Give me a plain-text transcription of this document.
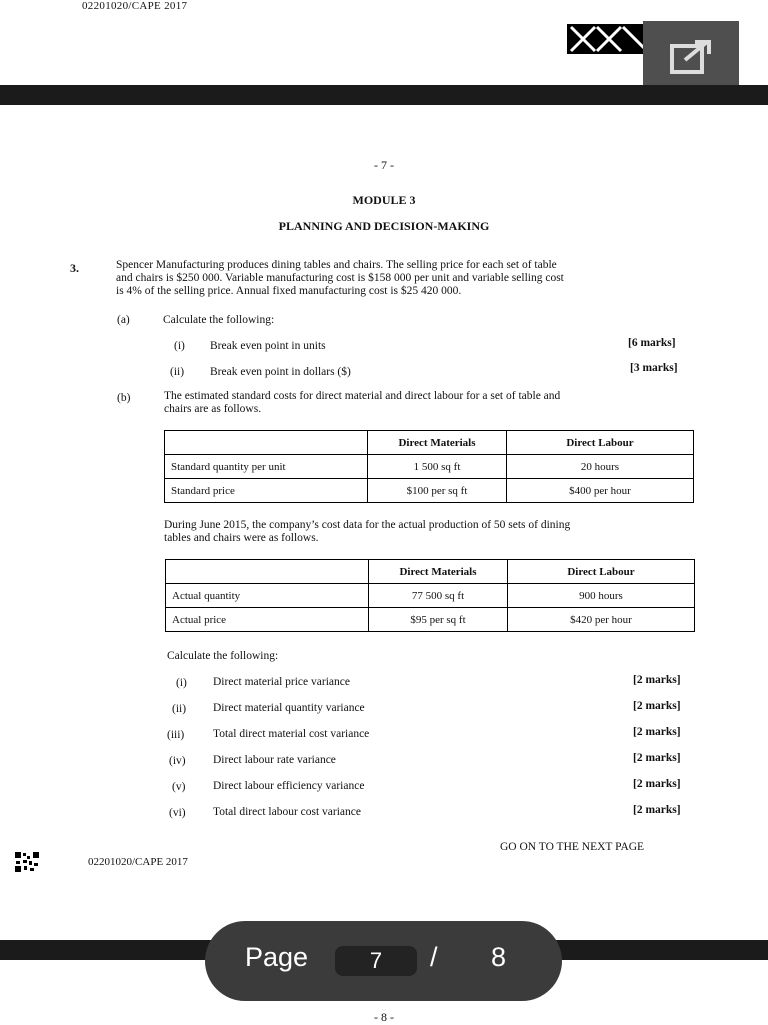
02201020/CAPE 2017
- 7 -
MODULE 3
PLANNING AND DECISION-MAKING
3.	Spencer Manufacturing produces dining tables and chairs. The selling price for each set of table
and chairs is $250 000. Variable manufacturing cost is $158 000 per unit and variable selling cost
is 4% of the selling price. Annual fixed manufacturing cost is $25 420 000.
(a)	Calculate the following:
(i) Break even point in units	[6 marks]
(ii) Break even point in dollars ($)	[3 marks]
(b)	The estimated standard costs for direct material and direct labour for a set of table and
chairs are as follows.
	Direct Materials	Direct Labour
Standard quantity per unit	1 500 sq ft	20 hours
Standard price	$100 per sq ft	$400 per hour
During June 2015, the company’s cost data for the actual production of 50 sets of dining
tables and chairs were as follows.
	Direct Materials	Direct Labour
Actual quantity	77 500 sq ft	900 hours
Actual price	$95 per sq ft	$420 per hour
Calculate the following:
(i) Direct material price variance	[2 marks]
(ii) Direct material quantity variance	[2 marks]
(iii)	Total direct material cost variance	[2 marks]
(iv) Direct labour rate variance	[2 marks]
(v) Direct labour efficiency variance	[2 marks]
(vi) Total direct labour cost variance	[2 marks]
GO ON TO THE NEXT PAGE
02201020/CAPE 2017
Page	7	/ 8
- 8 -
